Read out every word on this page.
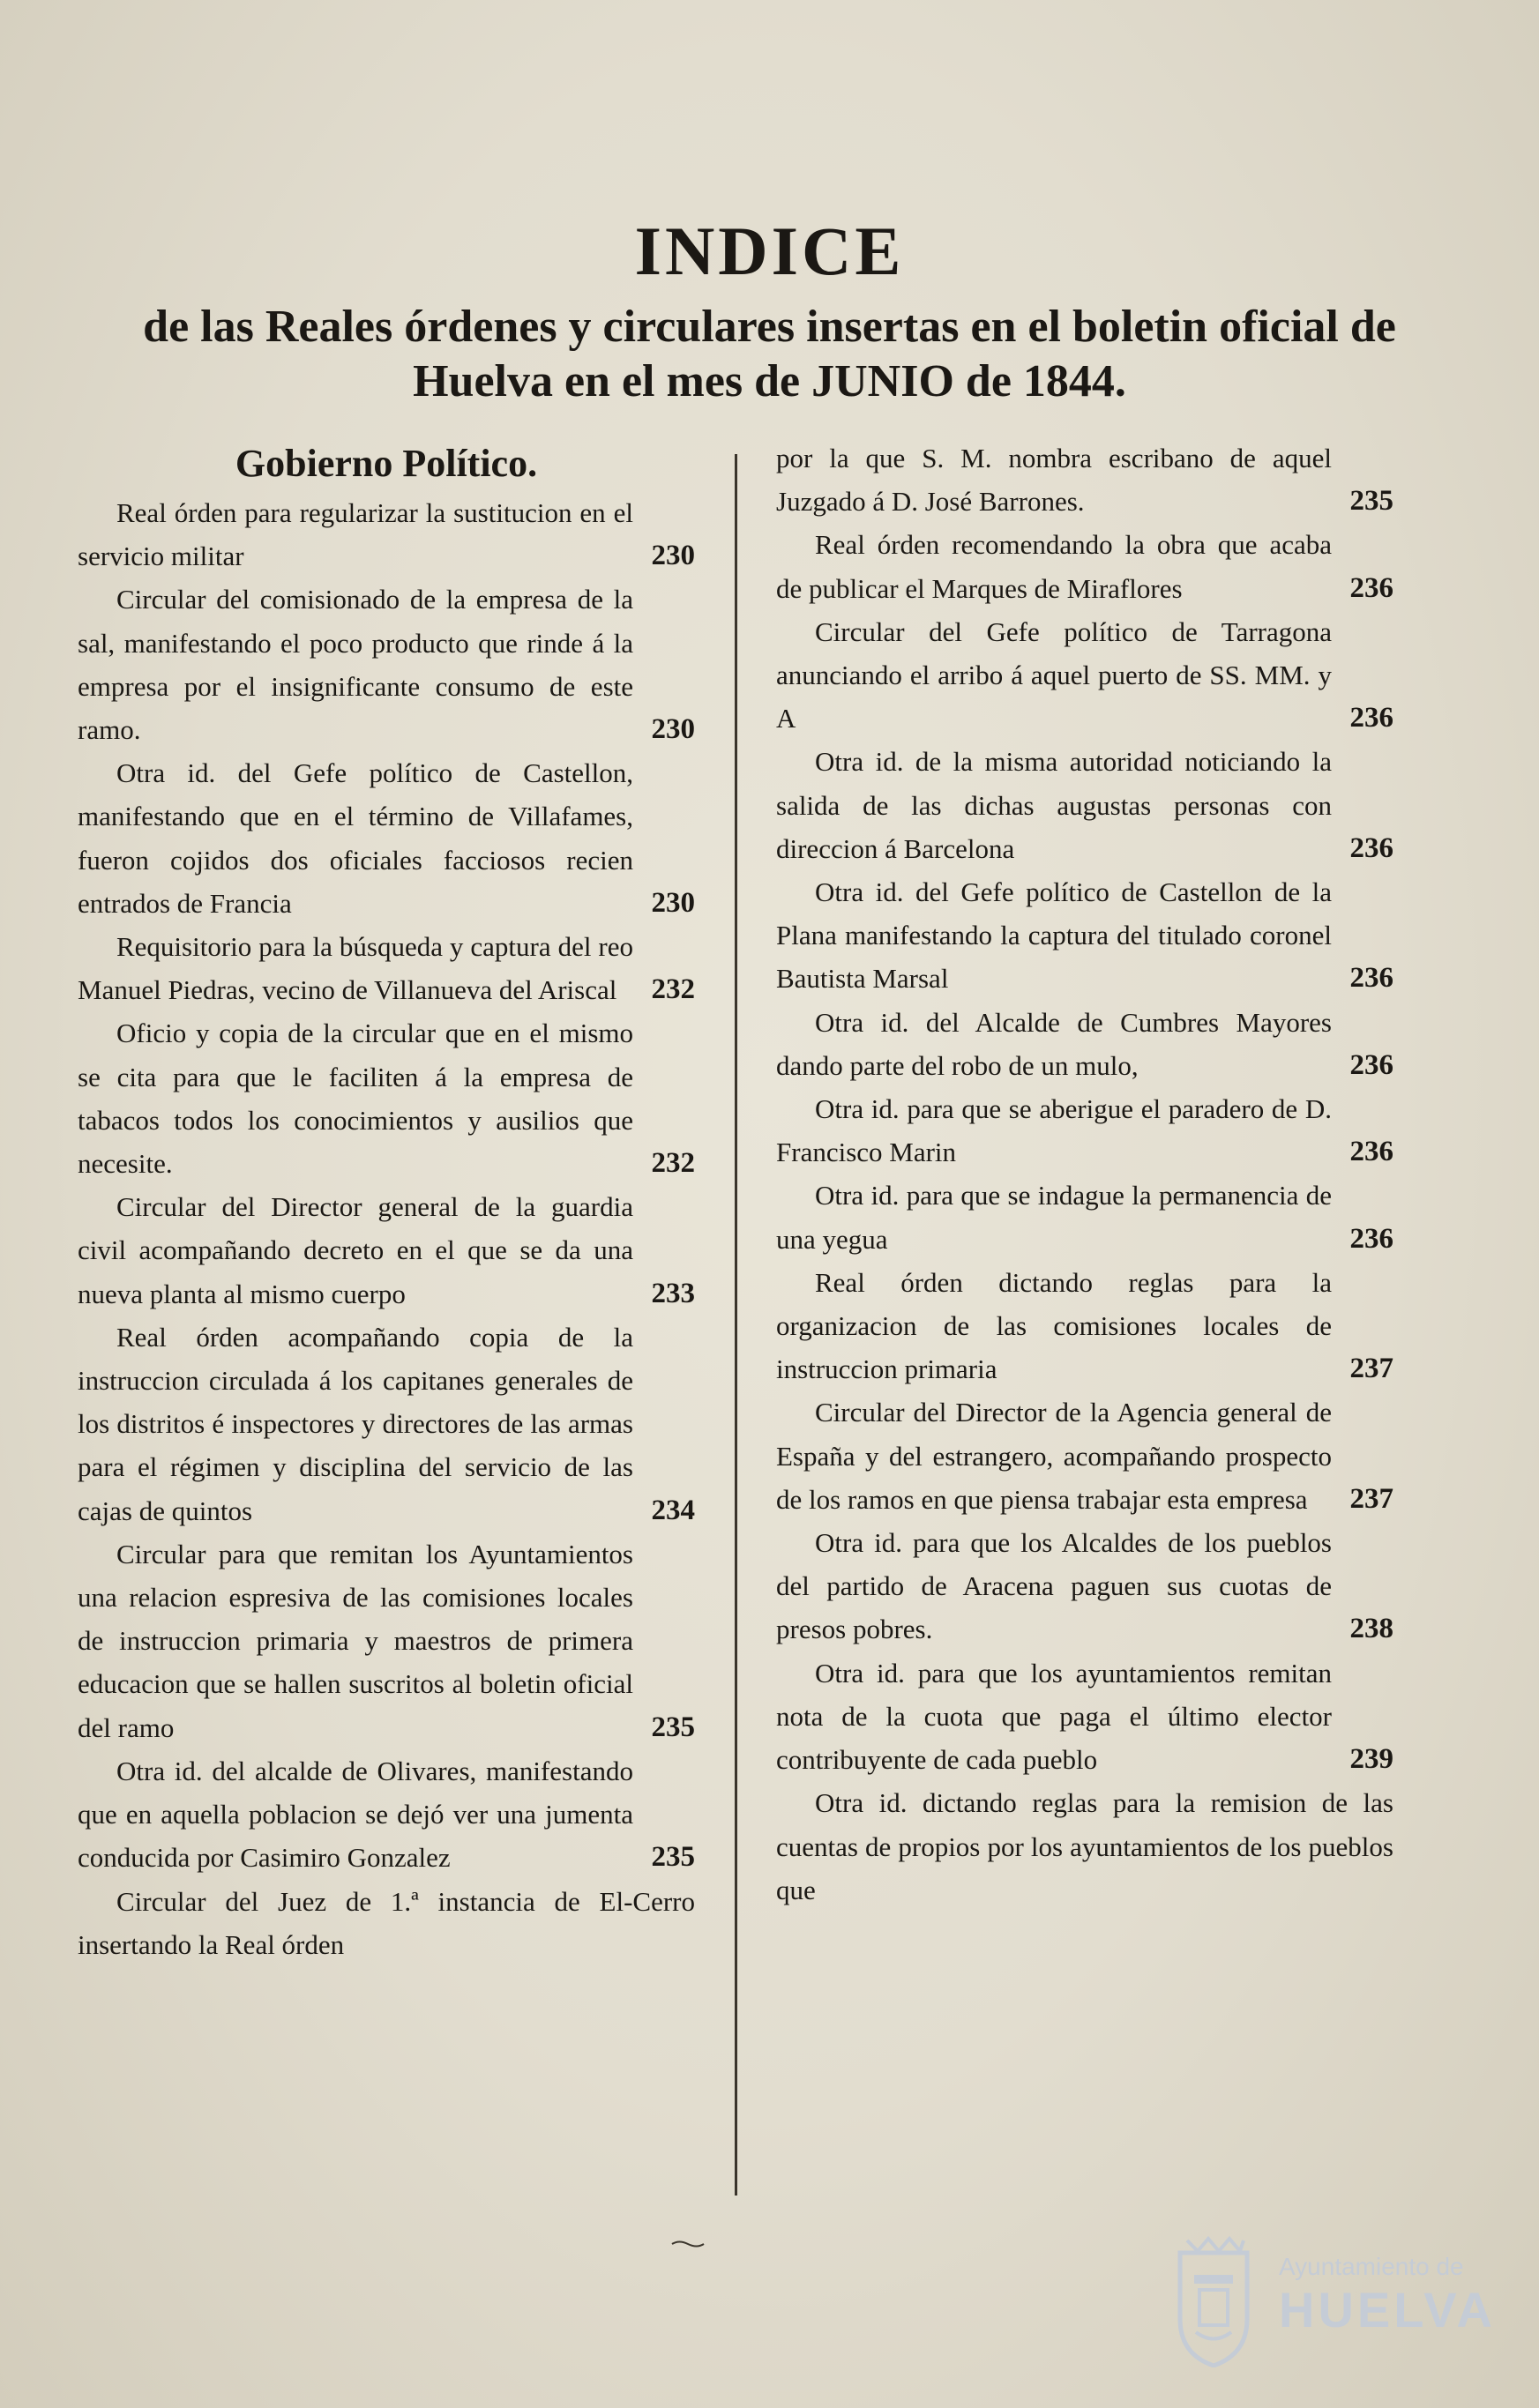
INDICE
de las Reales órdenes y circulares insertas en el boletin oficial de Huelva en el mes de JUNIO de 1844.
Gobierno Político.
Real órden para regularizar la sustitucion en el servicio militar	230
Circular del comisionado de la empresa de la sal, manifestando el poco producto que rinde á la empresa por el insignificante consumo de este ramo.	230
Otra id. del Gefe político de Castellon, manifestando que en el término de Villafames, fueron cojidos dos oficiales facciosos recien entrados de Francia	230
Requisitorio para la búsqueda y captura del reo Manuel Piedras, vecino de Villanueva del Ariscal	232
Oficio y copia de la circular que en el mismo se cita para que le faciliten á la empresa de tabacos todos los conocimientos y ausilios que necesite.	232
Circular del Director general de la guardia civil acompañando decreto en el que se da una nueva planta al mismo cuerpo	233
Real órden acompañando copia de la instruccion circulada á los capitanes generales de los distritos é inspectores y directores de las armas para el régimen y disciplina del servicio de las cajas de quintos	234
Circular para que remitan los Ayuntamientos una relacion espresiva de las comisiones locales de instruccion primaria y maestros de primera educacion que se hallen suscritos al boletin oficial del ramo	235
Otra id. del alcalde de Olivares, manifestando que en aquella poblacion se dejó ver una jumenta conducida por Casimiro Gonzalez	235
Circular del Juez de 1.ª instancia de El-Cerro insertando la Real órden
por la que S. M. nombra escribano de aquel Juzgado á D. José Barrones.	235
Real órden recomendando la obra que acaba de publicar el Marques de Miraflores	236
Circular del Gefe político de Tarragona anunciando el arribo á aquel puerto de SS. MM. y A	236
Otra id. de la misma autoridad noticiando la salida de las dichas augustas personas con direccion á Barcelona	236
Otra id. del Gefe político de Castellon de la Plana manifestando la captura del titulado coronel Bautista Marsal	236
Otra id. del Alcalde de Cumbres Mayores dando parte del robo de un mulo,	236
Otra id. para que se aberigue el paradero de D. Francisco Marin	236
Otra id. para que se indague la permanencia de una yegua	236
Real órden dictando reglas para la organizacion de las comisiones locales de instruccion primaria	237
Circular del Director de la Agencia general de España y del estrangero, acompañando prospecto de los ramos en que piensa trabajar esta empresa	237
Otra id. para que los Alcaldes de los pueblos del partido de Aracena paguen sus cuotas de presos pobres.	238
Otra id. para que los ayuntamientos remitan nota de la cuota que paga el último elector contribuyente de cada pueblo	239
Otra id. dictando reglas para la remision de las cuentas de propios por los ayuntamientos de los pueblos que
Ayuntamiento de
HUELVA
